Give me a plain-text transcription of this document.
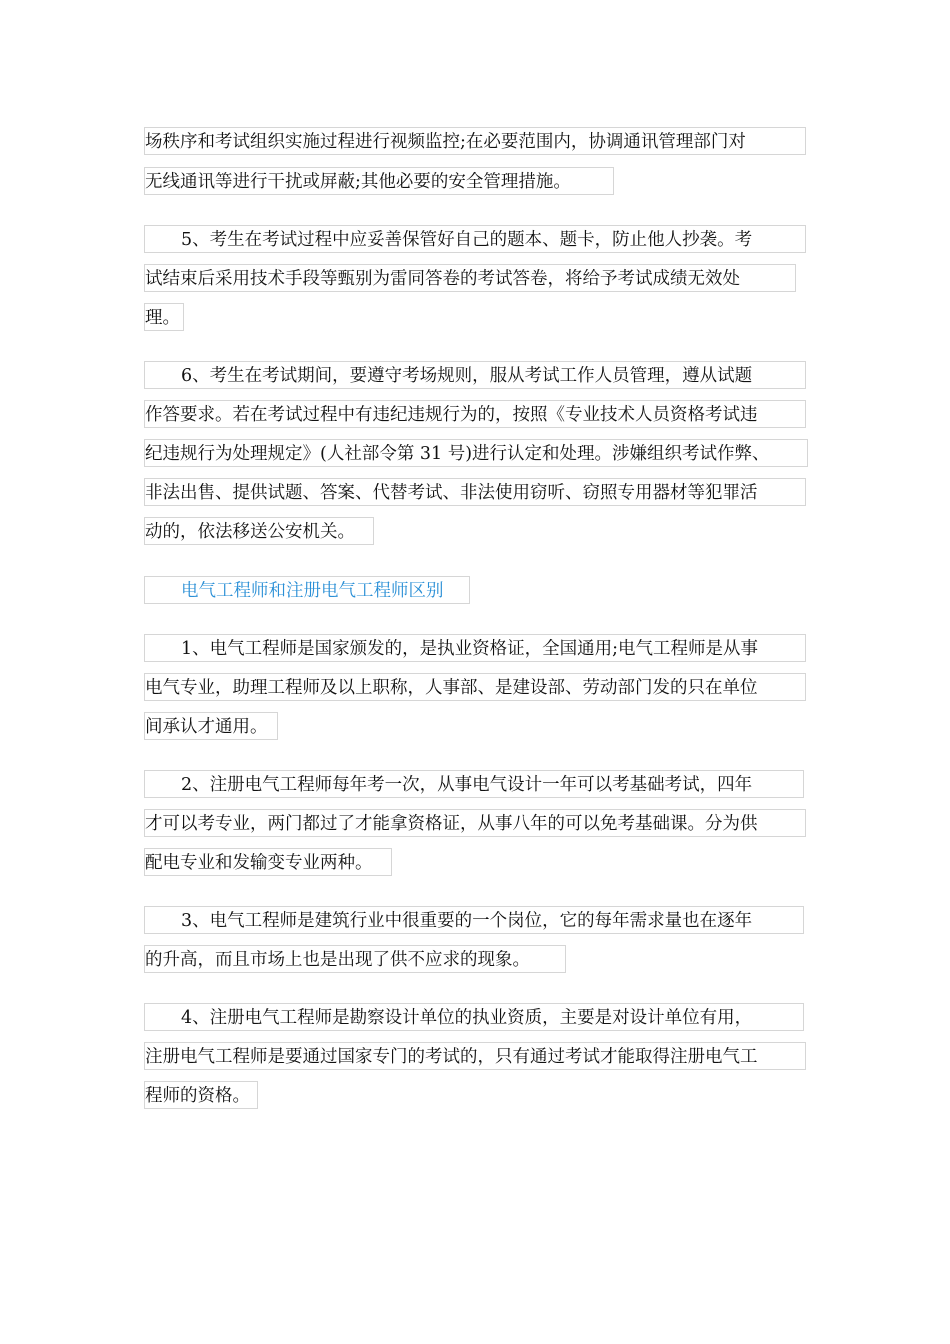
场秩序和考试组织实施过程进行视频监控;在必要范围内，协调通讯管理部门对
无线通讯等进行干扰或屏蔽;其他必要的安全管理措施。
5、考生在考试过程中应妥善保管好自己的题本、题卡，防止他人抄袭。考
试结束后采用技术手段等甄别为雷同答卷的考试答卷，将给予考试成绩无效处
理。
6、考生在考试期间，要遵守考场规则，服从考试工作人员管理，遵从试题
作答要求。若在考试过程中有违纪违规行为的，按照《专业技术人员资格考试违
纪违规行为处理规定》(人社部令第 31 号)进行认定和处理。涉嫌组织考试作弊、
非法出售、提供试题、答案、代替考试、非法使用窃听、窃照专用器材等犯罪活
动的，依法移送公安机关。
电气工程师和注册电气工程师区别
1、电气工程师是国家颁发的，是执业资格证，全国通用;电气工程师是从事
电气专业，助理工程师及以上职称，人事部、是建设部、劳动部门发的只在单位
间承认才通用。
2、注册电气工程师每年考一次，从事电气设计一年可以考基础考试，四年
才可以考专业，两门都过了才能拿资格证，从事八年的可以免考基础课。分为供
配电专业和发输变专业两种。
3、电气工程师是建筑行业中很重要的一个岗位，它的每年需求量也在逐年
的升高，而且市场上也是出现了供不应求的现象。
4、注册电气工程师是勘察设计单位的执业资质，主要是对设计单位有用，
注册电气工程师是要通过国家专门的考试的，只有通过考试才能取得注册电气工
程师的资格。
